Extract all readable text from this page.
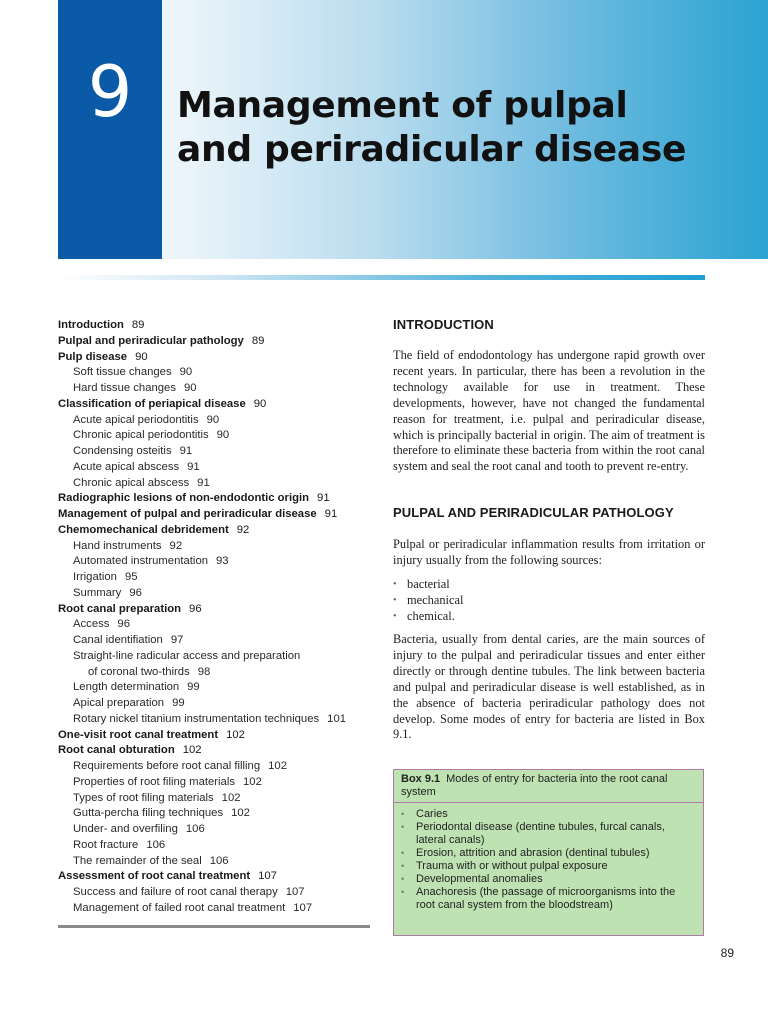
9	Management of pulpal
and periradicular disease
Introduction 89
Pulpal and periradicular pathology 89
Pulp disease 90
Soft tissue changes 90
Hard tissue changes 90
Classification of periapical disease 90
Acute apical periodontitis 90
Chronic apical periodontitis 90
Condensing osteitis 91
Acute apical abscess 91
Chronic apical abscess 91
Radiographic lesions of non-endodontic origin 91
Management of pulpal and periradicular disease 91
Chemomechanical debridement 92
Hand instruments 92
Automated instrumentation 93
Irrigation 95
Summary 96
Root canal preparation 96
Access 96
Canal identifiation 97
Straight-line radicular access and preparation
of coronal two-thirds 98
Length determination 99
Apical preparation 99
Rotary nickel titanium instrumentation techniques 101
One-visit root canal treatment 102
Root canal obturation 102
Requirements before root canal filling 102
Properties of root filing materials 102
Types of root filing materials 102
Gutta-percha filing techniques 102
Under- and overfiling 106
Root fracture 106
The remainder of the seal 106
Assessment of root canal treatment 107
Success and failure of root canal therapy 107
Management of failed root canal treatment 107
INTRODUCTION

The field of endodontology has undergone rapid growth over recent years. In particular, there has been a revolution in the technology available for use in treatment. These developments, however, have not changed the fundamental reason for treatment, i.e. pulpal and periradicular disease, which is principally bacterial in origin. The aim of treatment is therefore to eliminate these bacteria from within the root canal system and seal the root canal and tooth to prevent re-entry.

PULPAL AND PERIRADICULAR PATHOLOGY

Pulpal or periradicular inflammation results from irritation or injury usually from the following sources:

• bacterial
• mechanical
• chemical.

Bacteria, usually from dental caries, are the main sources of injury to the pulpal and periradicular tissues and enter either directly or through dentine tubules. The link between bacteria and pulpal and periradicular disease is well established, as in the absence of bacteria periradicular pathology does not develop. Some modes of entry for bacteria are listed in Box 9.1.

Box 9.1 Modes of entry for bacteria into the root canal system
• Caries
• Periodontal disease (dentine tubules, furcal canals, lateral canals)
• Erosion, attrition and abrasion (dentinal tubules)
• Trauma with or without pulpal exposure
• Developmental anomalies
• Anachoresis (the passage of microorganisms into the root canal system from the bloodstream)
89
